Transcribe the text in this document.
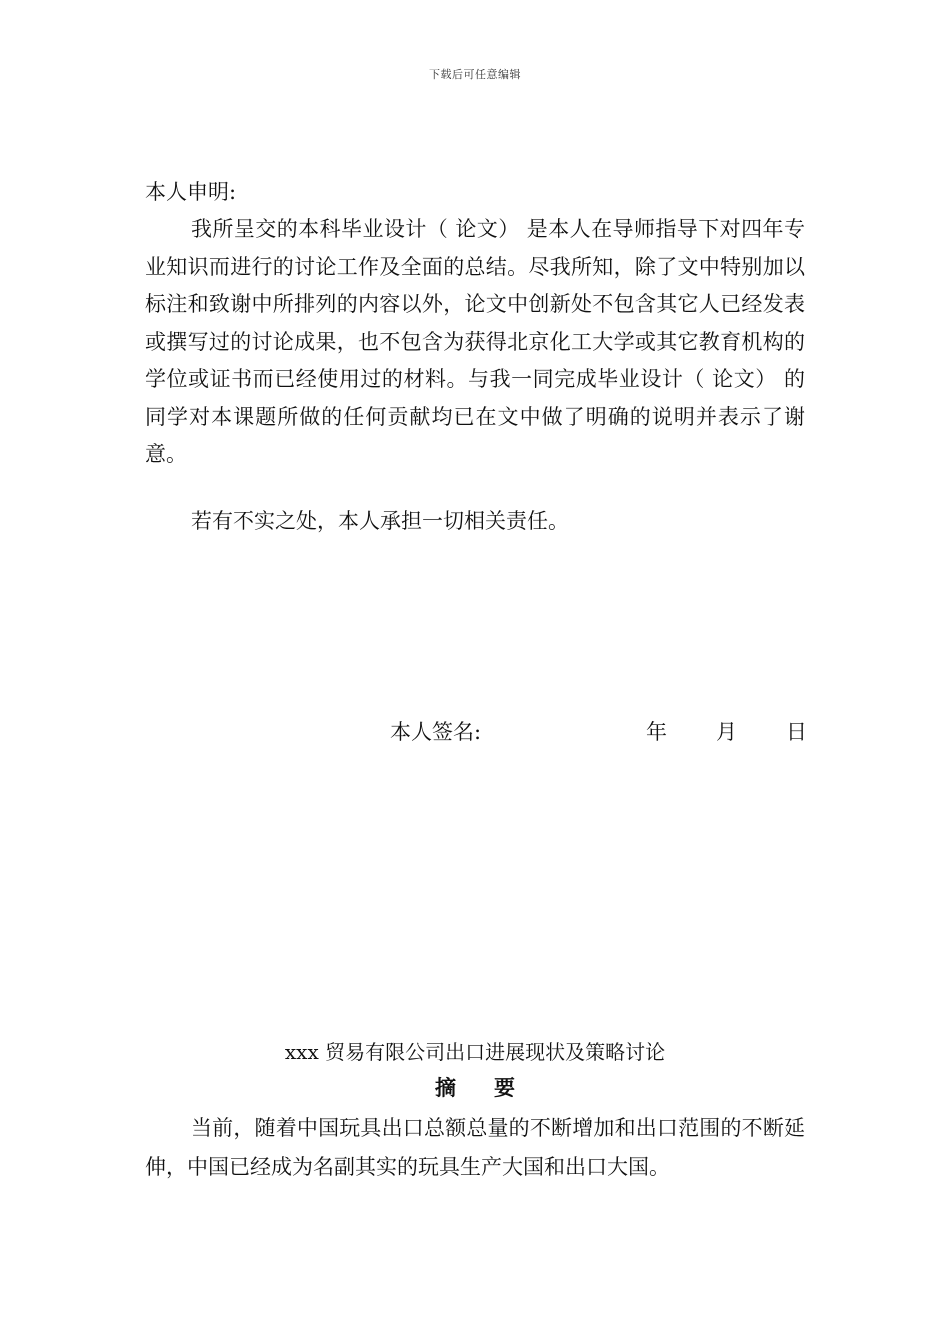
下载后可任意编辑
本人申明:

我所呈交的本科毕业设计（ 论文） 是本人在导师指导下对四年专业知识而进行的讨论工作及全面的总结。尽我所知，除了文中特别加以标注和致谢中所排列的内容以外，论文中创新处不包含其它人已经发表或撰写过的讨论成果，也不包含为获得北京化工大学或其它教育机构的学位或证书而已经使用过的材料。与我一同完成毕业设计（ 论文） 的同学对本课题所做的任何贡献均已在文中做了明确的说明并表示了谢意。

若有不实之处，本人承担一切相关责任。

本人签名:	年 月 日
xxx 贸易有限公司出口进展现状及策略讨论
摘要

当前，随着中国玩具出口总额总量的不断增加和出口范围的不断延伸，中国已经成为名副其实的玩具生产大国和出口大国。
